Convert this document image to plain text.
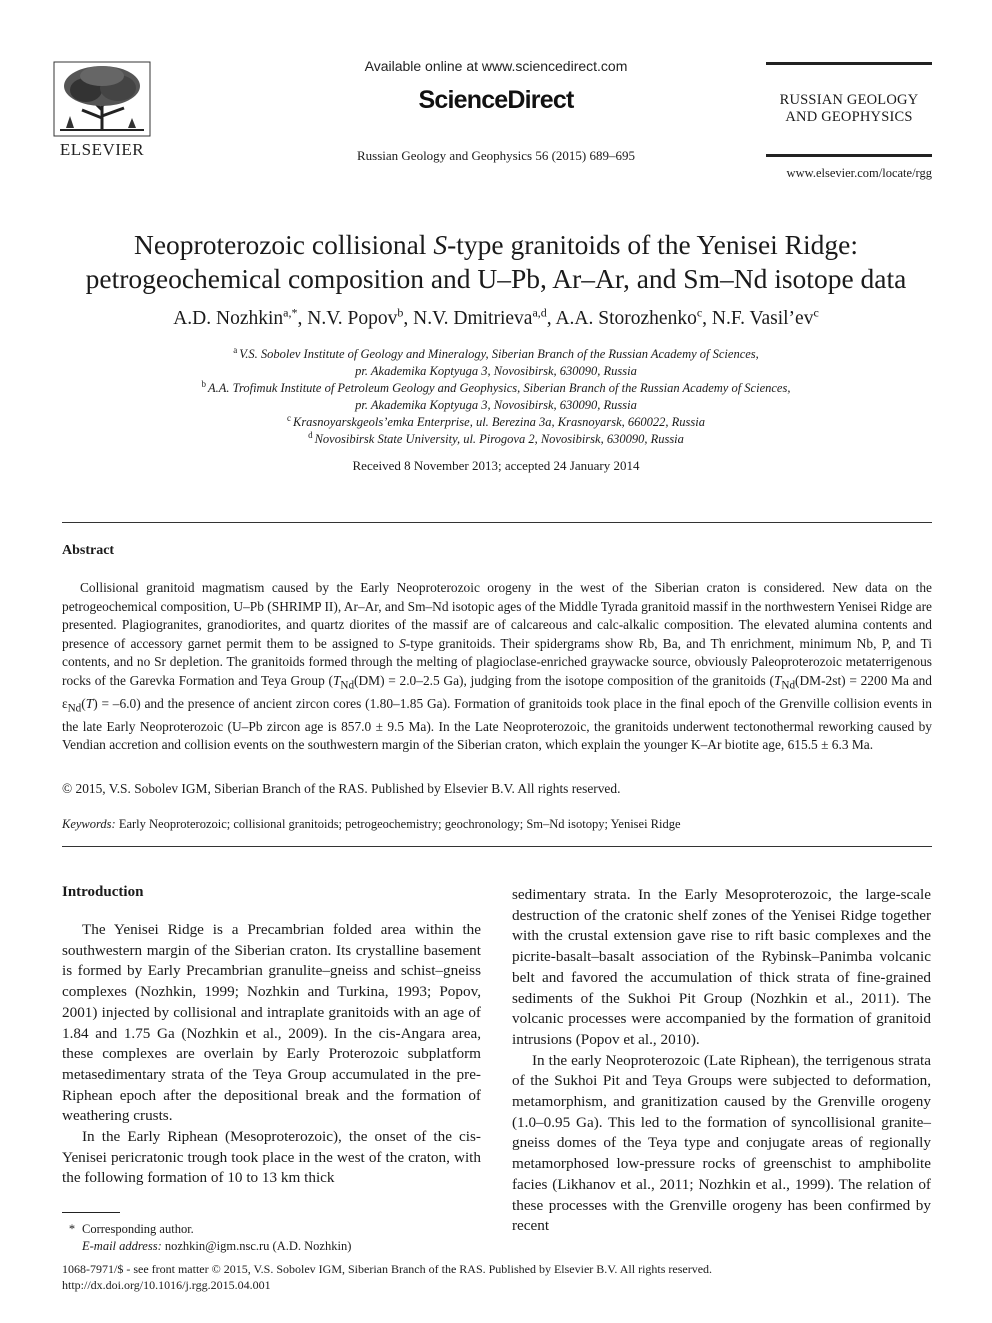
ELSEVIER
Available online at www.sciencedirect.com
ScienceDirect
Russian Geology and Geophysics 56 (2015) 689–695
RUSSIAN GEOLOGY
AND GEOPHYSICS
www.elsevier.com/locate/rgg
Neoproterozoic collisional S-type granitoids of the Yenisei Ridge:
petrogeochemical composition and U–Pb, Ar–Ar, and Sm–Nd isotope data
A.D. Nozhkin$^{a,*}$, N.V. Popov$^b$, N.V. Dmitrieva$^{a,d}$, A.A. Storozhenko$^c$, N.F. $Vasil’ev^c$
$^a$ V.S. Sobolev Institute of Geology and Mineralogy, Siberian Branch of the Russian Academy of Sciences,
pr. Akademika Koptyuga 3, Novosibirsk, 630090, Russia
$^b$ A.A. Trofimuk Institute of Petroleum Geology and Geophysics, Siberian Branch of the Russian Academy of Sciences,
pr. Akademika Koptyuga 3, Novosibirsk, 630090, Russia
$^c$ Krasnoyarskgeols’emka Enterprise, ul. Berezina 3a, Krasnoyarsk, 660022, Russia
$^d$ Novosibirsk State University, ul. Pirogova 2, Novosibirsk, 630090, Russia
Received 8 November 2013; accepted 24 January 2014
Abstract

Collisional granitoid magmatism caused by the Early Neoproterozoic orogeny in the west of the Siberian craton is considered. New data on the petrogeochemical composition, U–Pb (SHRIMP II), Ar–Ar, and Sm–Nd isotopic ages of the Middle Tyrada granitoid massif in the northwestern Yenisei Ridge are presented. Plagiogranites, granodiorites, and quartz diorites of the massif are of calcareous and calc-alkalic composition. The elevated alumina contents and presence of accessory garnet permit them to be assigned to S-type granitoids. Their spidergrams show Rb, Ba, and Th enrichment, minimum Nb, P, and Ti contents, and no Sr depletion. The granitoids formed through the melting of plagioclase-enriched graywacke source, obviously Paleoproterozoic metaterrigenous rocks of the Garevka Formation and Teya Group ($T_{Nd}(DM) = 2.0-2.5$ Ga), judging from the isotope composition of the granitoids ($T_{Nd}(DM-2st) = 2200$ Ma and $\varepsilon_{Nd}(T) = -6.0$) and the presence of ancient zircon cores (1.80–1.85 Ga). Formation of granitoids took place in the final epoch of the Grenville collision events in the late Early Neoproterozoic (U–Pb zircon age is 857.0 ± 9.5 Ma). In the Late Neoproterozoic, the granitoids underwent tectonothermal reworking caused by Vendian accretion and collision events on the southwestern margin of the Siberian craton, which explain the younger K–Ar biotite age, 615.5 ± 6.3 Ma.

© 2015, V.S. Sobolev IGM, Siberian Branch of the RAS. Published by Elsevier B.V. All rights reserved.
Keywords: Early Neoproterozoic; collisional granitoids; petrogeochemistry; geochronology; Sm–Nd isotopy; Yenisei Ridge
Introduction

The Yenisei Ridge is a Precambrian folded area within the southwestern margin of the Siberian craton. Its crystalline basement is formed by Early Precambrian granulite–gneiss and schist–gneiss complexes (Nozhkin, 1999; Nozhkin and Turkina, 1993; Popov, 2001) injected by collisional and intraplate granitoids with an age of 1.84 and 1.75 Ga (Nozhkin et al., 2009). In the cis-Angara area, these complexes are overlain by Early Proterozoic subplatform metasedimentary strata of the Teya Group accumulated in the pre-Riphean epoch after the depositional break and the formation of weathering crusts.

In the Early Riphean (Mesoproterozoic), the onset of the cis-Yenisei pericratonic trough took place in the west of the craton, with the following formation of 10 to 13 km thick

sedimentary strata. In the Early Mesoproterozoic, the large-scale destruction of the cratonic shelf zones of the Yenisei Ridge together with the crustal extension gave rise to rift basic complexes and the picrite-basalt–basalt association of the Rybinsk–Panimba volcanic belt and favored the accumulation of thick strata of fine-grained sediments of the Sukhoi Pit Group (Nozhkin et al., 2011). The volcanic processes were accompanied by the formation of granitoid intrusions (Popov et al., 2010).

In the early Neoproterozoic (Late Riphean), the terrigenous strata of the Sukhoi Pit and Teya Groups were subjected to deformation, metamorphism, and granitization caused by the Grenville orogeny (1.0–0.95 Ga). This led to the formation of syncollisional granite–gneiss domes of the Teya type and conjugate areas of regionally metamorphosed low-pressure rocks of greenschist to amphibolite facies (Likhanov et al., 2011; Nozhkin et al., 1999). The relation of these processes with the Grenville orogeny has been confirmed by recent

* Corresponding author.
E-mail address: nozhkin@igm.nsc.ru (A.D. Nozhkin)
1068-7971/$ - see front matter © 2015, V.S. Sobolev IGM, Siberian Branch of the RAS. Published by Elsevier B.V. All rights reserved.
http://dx.doi.org/10.1016/j.rgg.2015.04.001
